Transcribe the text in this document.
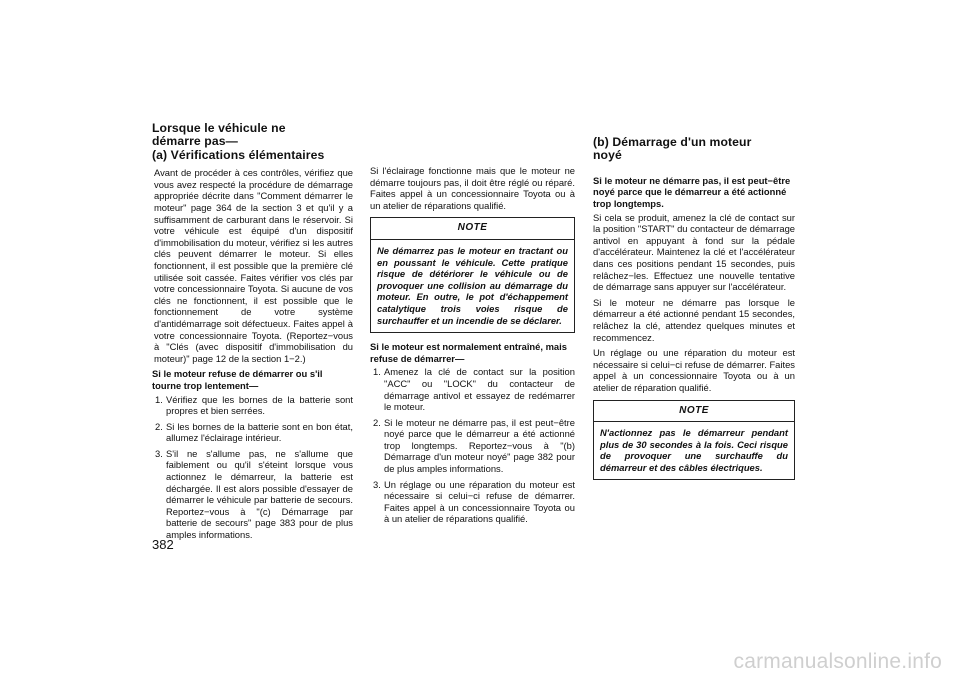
Lorsque le véhicule ne
démarre pas—
(a) Vérifications élémentaires

Avant de procéder à ces contrôles, vérifiez que vous avez respecté la procédure de démarrage appropriée décrite dans "Comment démarrer le moteur" page 364 de la section 3 et qu'il y a suffisamment de carburant dans le réservoir. Si votre véhicule est équipé d'un dispositif d'immobilisation du moteur, vérifiez si les autres clés peuvent démarrer le moteur. Si elles fonctionnent, il est possible que la première clé utilisée soit cassée. Faites vérifier vos clés par votre concessionnaire Toyota. Si aucune de vos clés ne fonctionnent, il est possible que le fonctionnement de votre système d'antidémarrage soit défectueux. Faites appel à votre concessionnaire Toyota. (Reportez−vous à "Clés (avec dispositif d'immobilisation du moteur)" page 12 de la section 1−2.)

Si le moteur refuse de démarrer ou s'il tourne trop lentement—
1. Vérifiez que les bornes de la batterie sont propres et bien serrées.
2. Si les bornes de la batterie sont en bon état, allumez l'éclairage intérieur.
3. S'il ne s'allume pas, ne s'allume que faiblement ou qu'il s'éteint lorsque vous actionnez le démarreur, la batterie est déchargée. Il est alors possible d'essayer de démarrer le véhicule par batterie de secours. Reportez−vous à "(c) Démarrage par batterie de secours" page 383 pour de plus amples informations.

Si l'éclairage fonctionne mais que le moteur ne démarre toujours pas, il doit être réglé ou réparé. Faites appel à un concessionnaire Toyota ou à un atelier de réparations qualifié.

NOTE
Ne démarrez pas le moteur en tractant ou en poussant le véhicule. Cette pratique risque de détériorer le véhicule ou de provoquer une collision au démarrage du moteur. En outre, le pot d'échappement catalytique trois voies risque de surchauffer et un incendie de se déclarer.
Si le moteur est normalement entraîné, mais refuse de démarrer—
1. Amenez la clé de contact sur la position "ACC" ou "LOCK" du contacteur de démarrage antivol et essayez de redémarrer le moteur.
2. Si le moteur ne démarre pas, il est peut−être noyé parce que le démarreur a été actionné trop longtemps. Reportez−vous à "(b) Démarrage d'un moteur noyé" page 382 pour de plus amples informations.
3. Un réglage ou une réparation du moteur est nécessaire si celui−ci refuse de démarrer. Faites appel à un concessionnaire Toyota ou à un atelier de réparations qualifié.
(b) Démarrage d'un moteur
noyé
Si le moteur ne démarre pas, il est peut−être noyé parce que le démarreur a été actionné trop longtemps.

Si cela se produit, amenez la clé de contact sur la position "START" du contacteur de démarrage antivol en appuyant à fond sur la pédale d'accélérateur. Maintenez la clé et l'accélérateur dans ces positions pendant 15 secondes, puis relâchez−les. Effectuez une nouvelle tentative de démarrage sans appuyer sur l'accélérateur.

Si le moteur ne démarre pas lorsque le démarreur a été actionné pendant 15 secondes, relâchez la clé, attendez quelques minutes et recommencez.

Un réglage ou une réparation du moteur est nécessaire si celui−ci refuse de démarrer. Faites appel à un concessionnaire Toyota ou à un atelier de réparation qualifié.

NOTE
N'actionnez pas le démarreur pendant plus de 30 secondes à la fois. Ceci risque de provoquer une surchauffe du démarreur et des câbles électriques.
382
carmanualsonline.info
